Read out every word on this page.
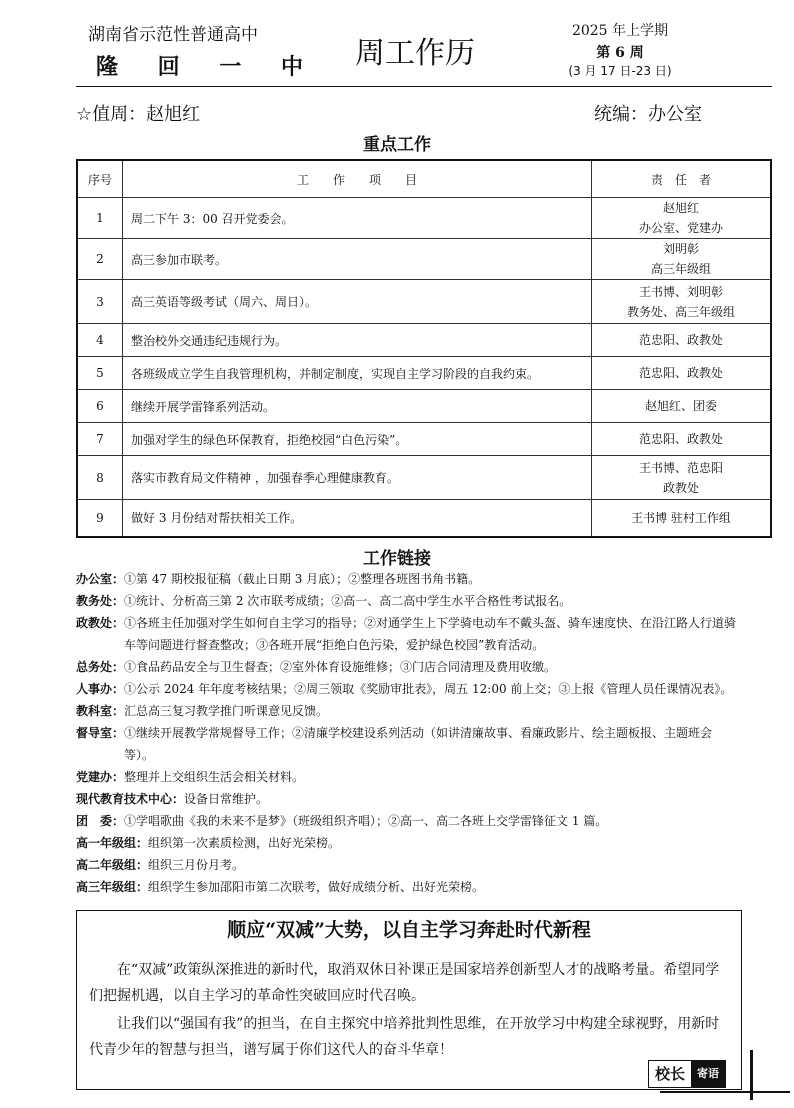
湖南省示范性普通高中
隆 回 一 中	周工作历
2025 年上学期
第 6 周
(3 月 17 日-23 日)
☆值周：赵旭红	统编：办公室
重点工作
序号	工　　作　　项　　目	责　任　者
1	周二下午 3：00 召开党委会。	赵旭红
办公室、党建办

2	高三参加市联考。	刘明彰
高三年级组

3	高三英语等级考试（周六、周日）。	王书博、刘明彰
教务处、高三年级组

4	整治校外交通违纪违规行为。	范忠阳、政教处

5	各班级成立学生自我管理机构，并制定制度，实现自主学习阶段的自我约束。	范忠阳、政教处

6	继续开展学雷锋系列活动。	赵旭红、团委

7	加强对学生的绿色环保教育，拒绝校园“白色污染”。	范忠阳、政教处

8	落实市教育局文件精神 ，加强春季心理健康教育。	王书博、范忠阳
政教处

9	做好 3 月份结对帮扶相关工作。	王书博 驻村工作组
工作链接
办公室： ①第 47 期校报征稿（截止日期 3 月底）；②整理各班图书角书籍。
教务处： ①统计、分析高三第 2 次市联考成绩；②高一、高二高中学生水平合格性考试报名。
政教处： ①各班主任加强对学生如何自主学习的指导；②对通学生上下学骑电动车不戴头盔、骑车速度快、在沿江路人行道骑车等问题进行督查整改；③各班开展“拒绝白色污染，爱护绿色校园”教育活动。
总务处： ①食品药品安全与卫生督查；②室外体育设施维修；③门店合同清理及费用收缴。
人事办： ①公示 2024 年年度考核结果；②周三领取《奖励审批表》，周五 12:00 前上交；③上报《管理人员任课情况表》。
教科室： 汇总高三复习教学推门听课意见反馈。
督导室： ①继续开展教学常规督导工作；②清廉学校建设系列活动（如讲清廉故事、看廉政影片、绘主题板报、主题班会等）。
党建办： 整理并上交组织生活会相关材料。
现代教育技术中心： 设备日常维护。
团　委： ①学唱歌曲《我的未来不是梦》（班级组织齐唱）；②高一、高二各班上交学雷锋征文 1 篇。
高一年级组： 组织第一次素质检测，出好光荣榜。
高二年级组： 组织三月份月考。
高三年级组： 组织学生参加邵阳市第二次联考，做好成绩分析、出好光荣榜。
顺应“双减”大势，以自主学习奔赴时代新程
在“双减”政策纵深推进的新时代，取消双休日补课正是国家培养创新型人才的战略考量。希望同学们把握机遇，以自主学习的革命性突破回应时代召唤。
让我们以“强国有我”的担当，在自主探究中培养批判性思维，在开放学习中构建全球视野，用新时代青少年的智慧与担当，谱写属于你们这代人的奋斗华章！
校长	寄语
